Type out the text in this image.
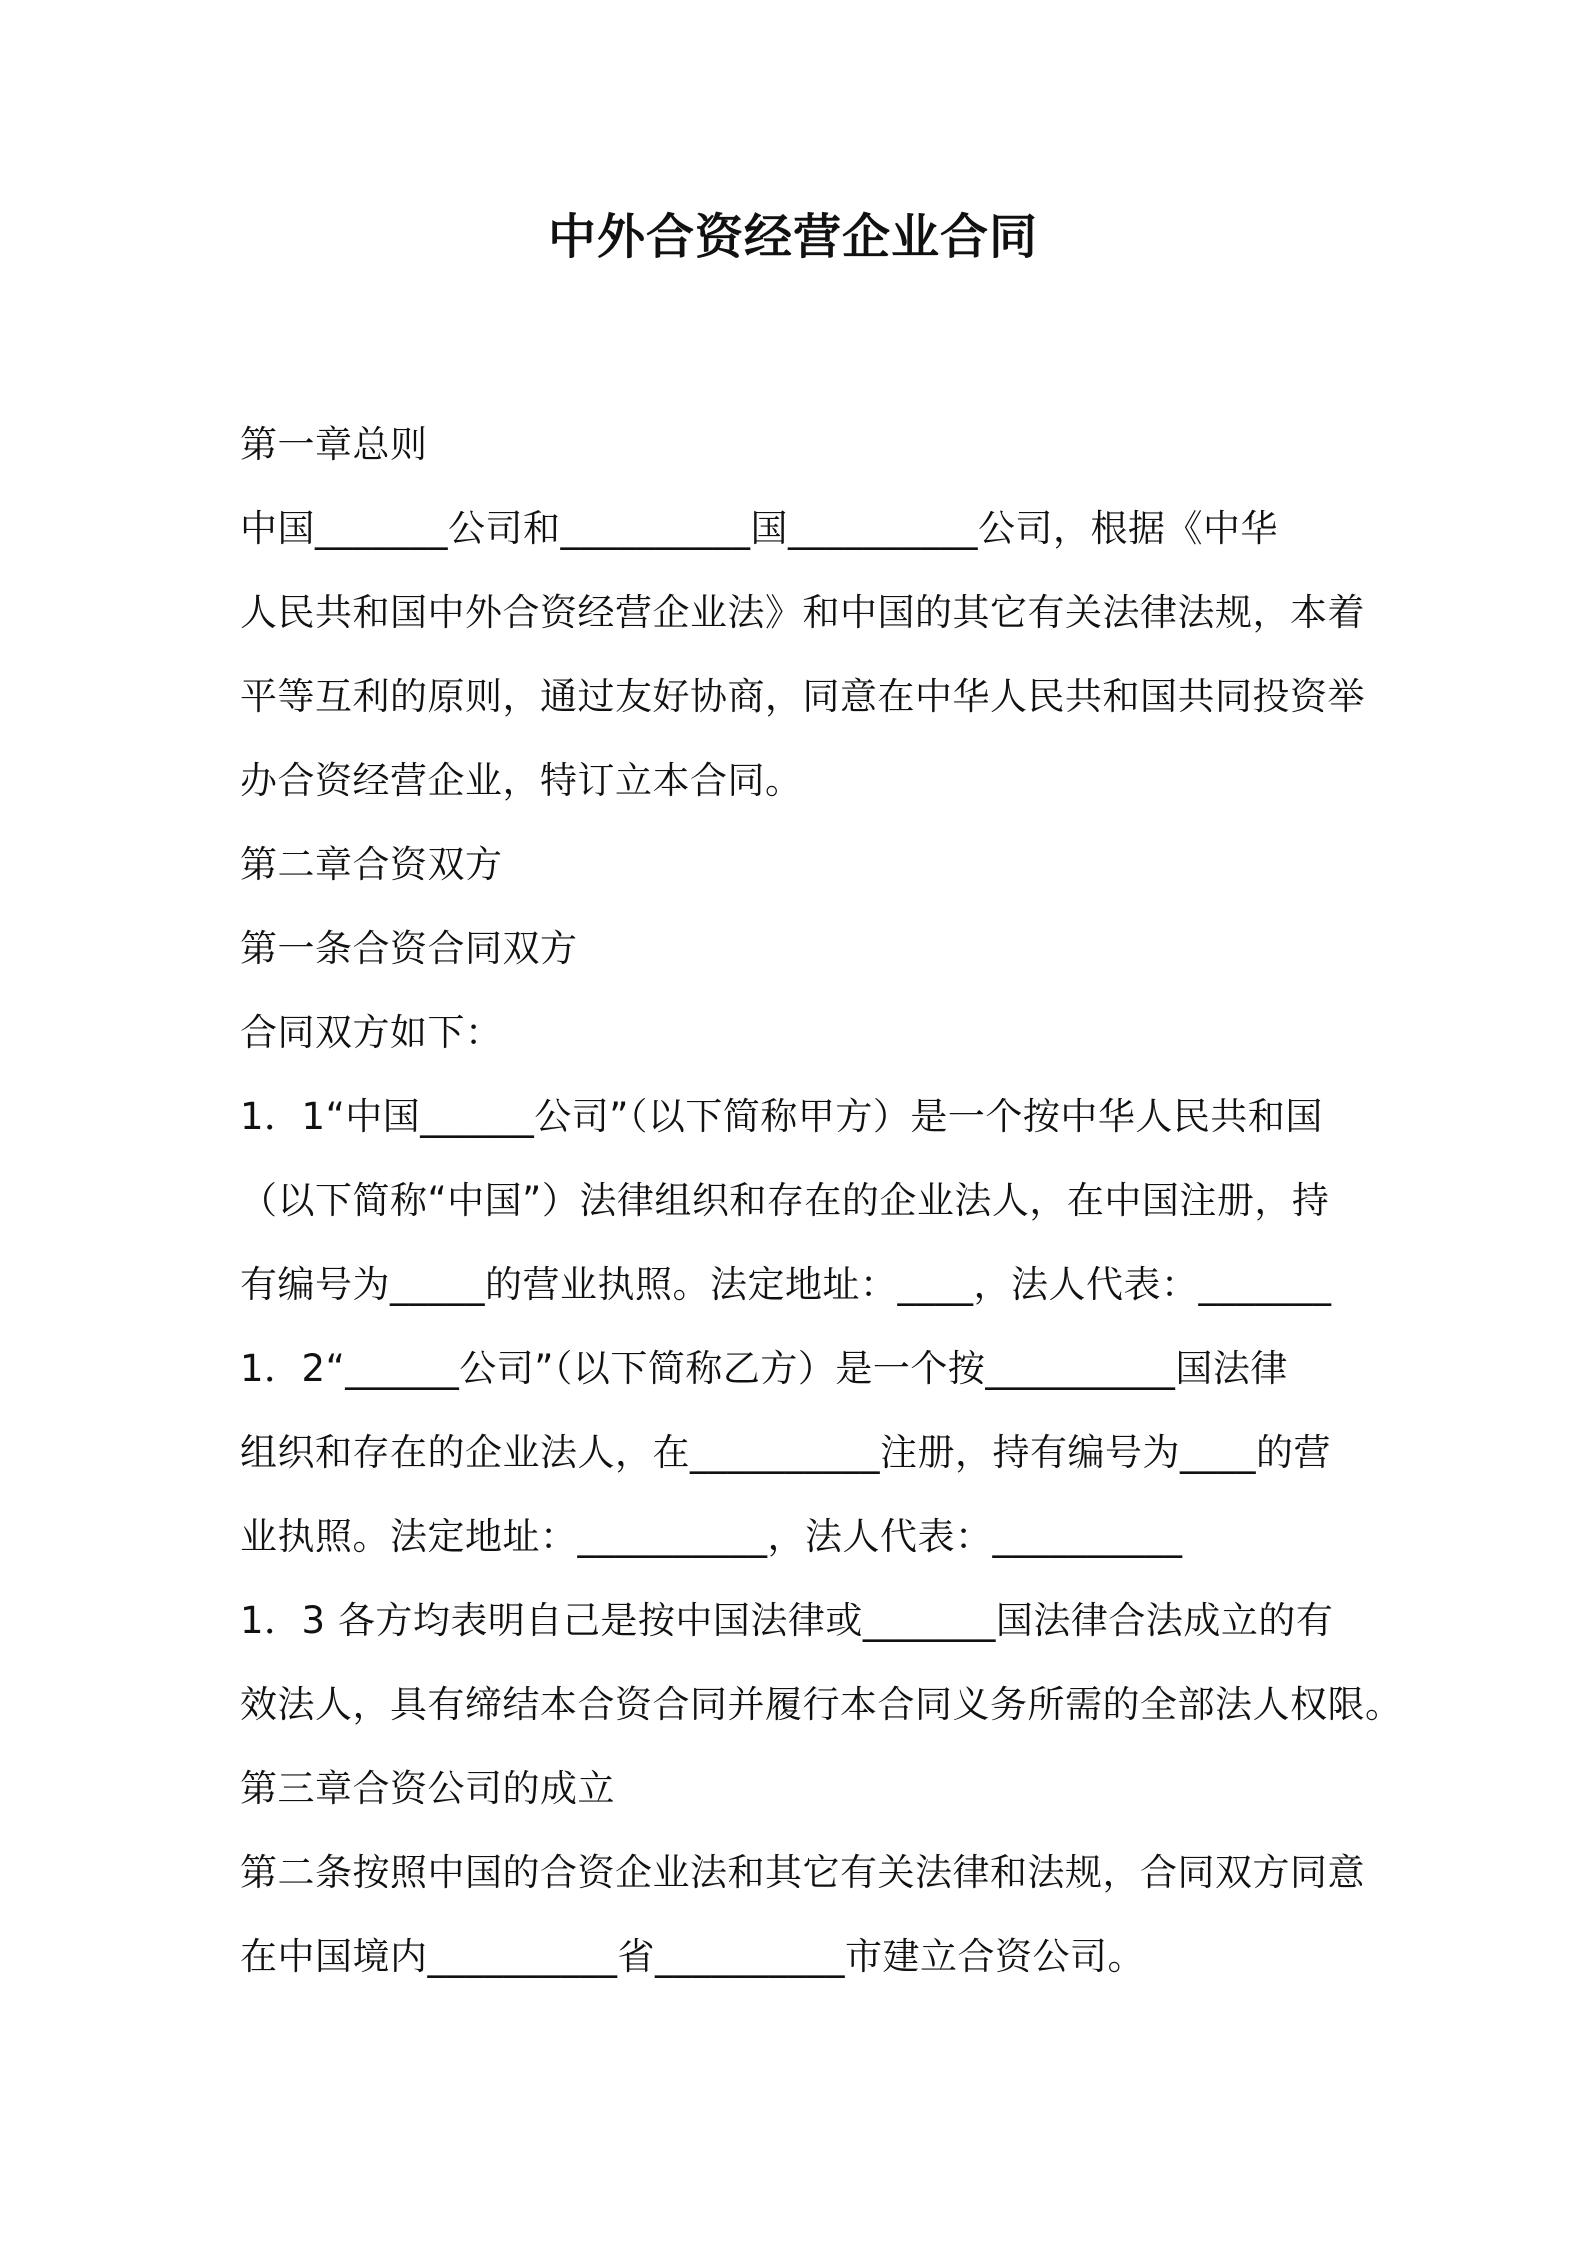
中外合资经营企业合同
第一章总则
中国_______公司和__________国__________公司，根据《中华
人民共和国中外合资经营企业法》和中国的其它有关法律法规，本着
平等互利的原则，通过友好协商，同意在中华人民共和国共同投资举
办合资经营企业，特订立本合同。
第二章合资双方
第一条合资合同双方
合同双方如下：
1．1“中国______公司”（以下简称甲方）是一个按中华人民共和国
（以下简称“中国”）法律组织和存在的企业法人，在中国注册，持
有编号为_____的营业执照。法定地址：____，法人代表：_______
1．2“______公司”（以下简称乙方）是一个按__________国法律
组织和存在的企业法人，在__________注册，持有编号为____的营
业执照。法定地址：__________，法人代表：__________
1．3 各方均表明自己是按中国法律或_______国法律合法成立的有
效法人，具有缔结本合资合同并履行本合同义务所需的全部法人权限。
第三章合资公司的成立
第二条按照中国的合资企业法和其它有关法律和法规，合同双方同意
在中国境内__________省__________市建立合资公司。
